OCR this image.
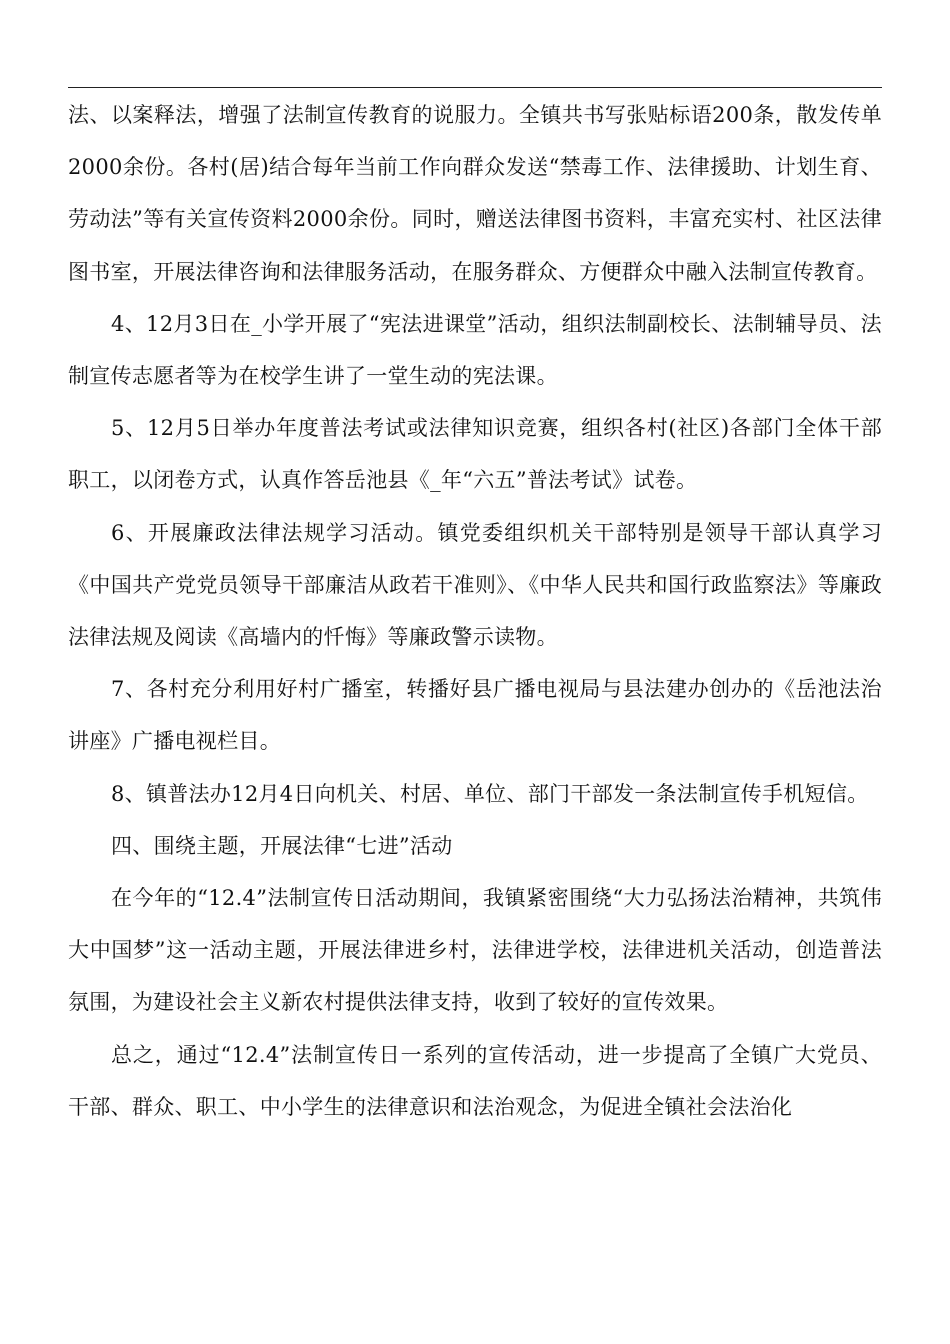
法、以案释法，增强了法制宣传教育的说服力。全镇共书写张贴标语200条，散发传单2000余份。各村(居)结合每年当前工作向群众发送“禁毒工作、法律援助、计划生育、劳动法”等有关宣传资料2000余份。同时，赠送法律图书资料，丰富充实村、社区法律图书室，开展法律咨询和法律服务活动，在服务群众、方便群众中融入法制宣传教育。

4、12月3日在_小学开展了“宪法进课堂”活动，组织法制副校长、法制辅导员、法制宣传志愿者等为在校学生讲了一堂生动的宪法课。

5、12月5日举办年度普法考试或法律知识竞赛，组织各村(社区)各部门全体干部职工，以闭卷方式，认真作答岳池县《_年“六五”普法考试》试卷。

6、开展廉政法律法规学习活动。镇党委组织机关干部特别是领导干部认真学习《中国共产党党员领导干部廉洁从政若干准则》、《中华人民共和国行政监察法》等廉政法律法规及阅读《高墙内的忏悔》等廉政警示读物。

7、各村充分利用好村广播室，转播好县广播电视局与县法建办创办的《岳池法治讲座》广播电视栏目。

8、镇普法办12月4日向机关、村居、单位、部门干部发一条法制宣传手机短信。

四、围绕主题，开展法律“七进”活动

在今年的“12.4”法制宣传日活动期间，我镇紧密围绕“大力弘扬法治精神，共筑伟大中国梦”这一活动主题，开展法律进乡村，法律进学校，法律进机关活动，创造普法氛围，为建设社会主义新农村提供法律支持，收到了较好的宣传效果。

总之，通过“12.4”法制宣传日一系列的宣传活动，进一步提高了全镇广大党员、干部、群众、职工、中小学生的法律意识和法治观念，为促进全镇社会法治化
